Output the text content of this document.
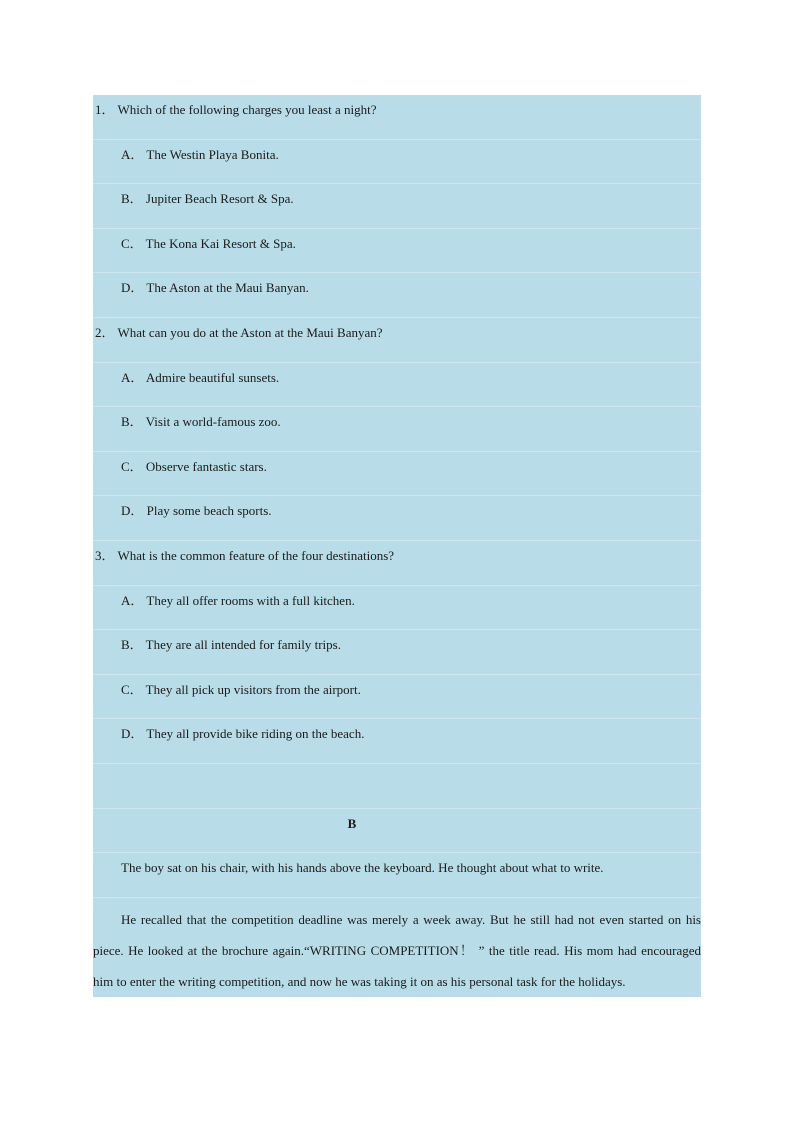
1． Which of the following charges you least a night?
A． The Westin Playa Bonita.
B． Jupiter Beach Resort & Spa.
C． The Kona Kai Resort & Spa.
D． The Aston at the Maui Banyan.
2． What can you do at the Aston at the Maui Banyan?
A． Admire beautiful sunsets.
B． Visit a world-famous zoo.
C． Observe fantastic stars.
D． Play some beach sports.
3． What is the common feature of the four destinations?
A． They all offer rooms with a full kitchen.
B． They are all intended for family trips.
C． They all pick up visitors from the airport.
D． They all provide bike riding on the beach.
B
The boy sat on his chair, with his hands above the keyboard. He thought about what to write.
He recalled that the competition deadline was merely a week away. But he still had not even started on his piece. He looked at the brochure again.“WRITING COMPETITION！ ” the title read. His mom had encouraged him to enter the writing competition, and now he was taking it on as his personal task for the holidays.
